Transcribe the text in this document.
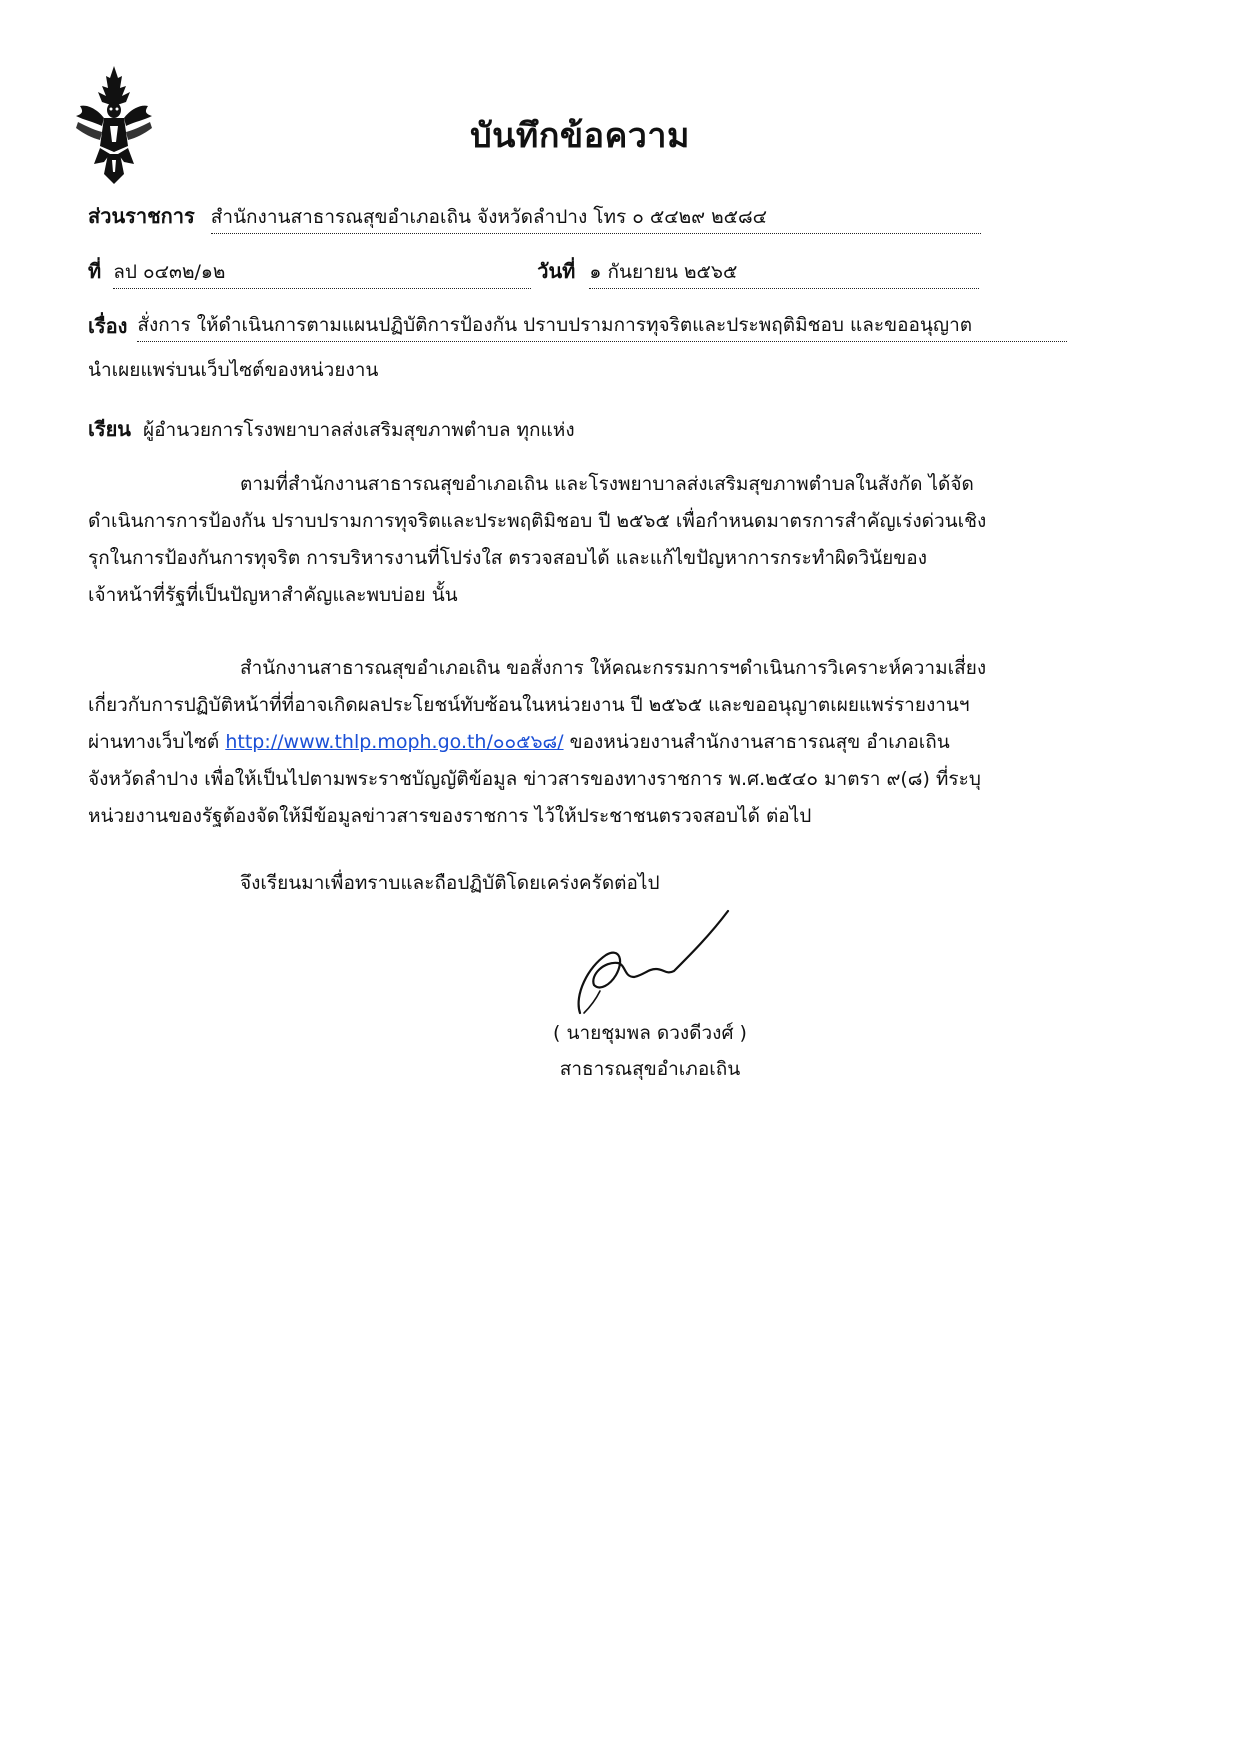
บันทึกข้อความ
ส่วนราชการ สำนักงานสาธารณสุขอำเภอเถิน จังหวัดลำปาง โทร ๐ ๕๔๒๙ ๒๕๘๔
ที่ ลป ๐๔๓๒/๑๒	วันที่ ๑ กันยายน ๒๕๖๕
เรื่อง สั่งการ ให้ดำเนินการตามแผนปฏิบัติการป้องกัน ปราบปรามการทุจริตและประพฤติมิชอบ และขออนุญาต
นำเผยแพร่บนเว็บไซต์ของหน่วยงาน
เรียน ผู้อำนวยการโรงพยาบาลส่งเสริมสุขภาพตำบล ทุกแห่ง

ตามที่สำนักงานสาธารณสุขอำเภอเถิน และโรงพยาบาลส่งเสริมสุขภาพตำบลในสังกัด ได้จัด

ดำเนินการการป้องกัน ปราบปรามการทุจริตและประพฤติมิชอบ ปี ๒๕๖๕ เพื่อกำหนดมาตรการสำคัญเร่งด่วนเชิง

รุกในการป้องกันการทุจริต การบริหารงานที่โปร่งใส ตรวจสอบได้ และแก้ไขปัญหาการกระทำผิดวินัยของ

เจ้าหน้าที่รัฐที่เป็นปัญหาสำคัญและพบบ่อย นั้น

สำนักงานสาธารณสุขอำเภอเถิน ขอสั่งการ ให้คณะกรรมการฯดำเนินการวิเคราะห์ความเสี่ยง

เกี่ยวกับการปฏิบัติหน้าที่ที่อาจเกิดผลประโยชน์ทับซ้อนในหน่วยงาน ปี ๒๕๖๕ และขออนุญาตเผยแพร่รายงานฯ

ผ่านทางเว็บไซต์ http://www.thlp.moph.go.th/๐๐๕๖๘/ ของหน่วยงานสำนักงานสาธารณสุข อำเภอเถิน

จังหวัดลำปาง เพื่อให้เป็นไปตามพระราชบัญญัติข้อมูล ข่าวสารของทางราชการ พ.ศ.๒๕๔๐ มาตรา ๙(๘) ที่ระบุ

หน่วยงานของรัฐต้องจัดให้มีข้อมูลข่าวสารของราชการ ไว้ให้ประชาชนตรวจสอบได้ ต่อไป

จึงเรียนมาเพื่อทราบและถือปฏิบัติโดยเคร่งครัดต่อไป
( นายชุมพล ดวงดีวงศ์ )
สาธารณสุขอำเภอเถิน
